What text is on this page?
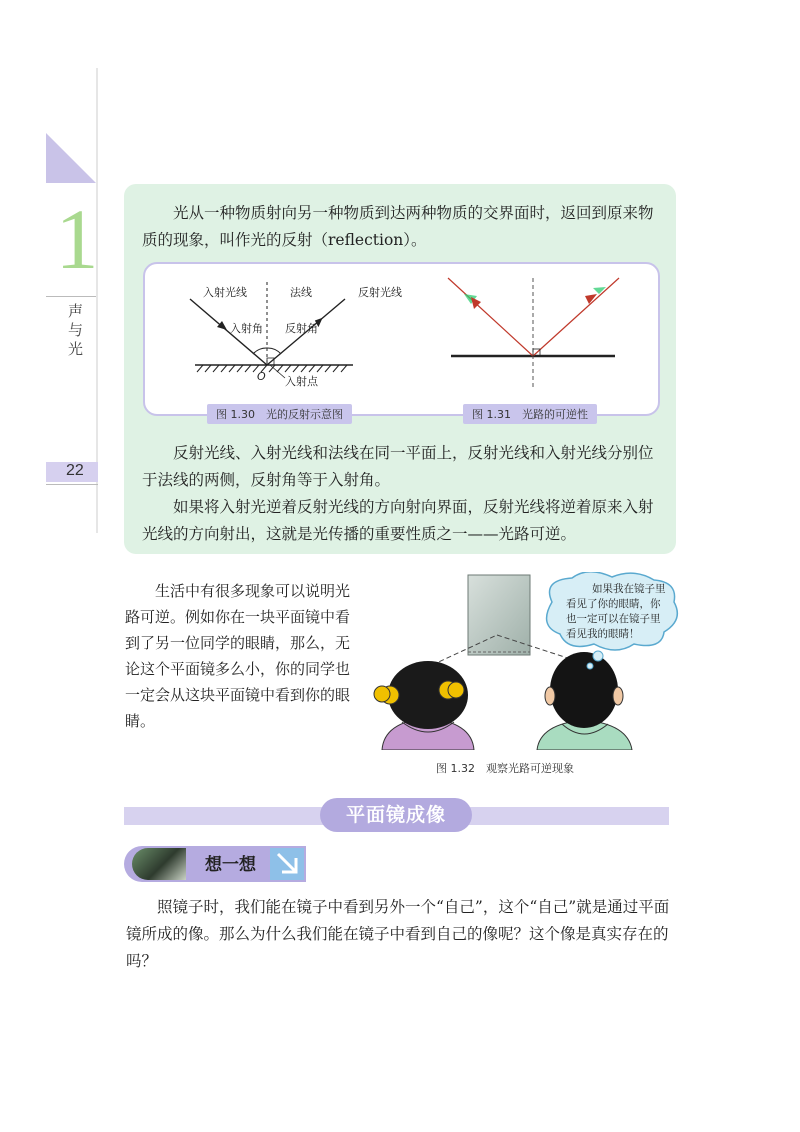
1
声与光
22

光从一种物质射向另一种物质到达两种物质的交界面时，返回到原来物质的现象，叫作光的反射（reflection）。

反射光线、入射光线和法线在同一平面上，反射光线和入射光线分别位于法线的两侧，反射角等于入射角。

如果将入射光逆着反射光线的方向射向界面，反射光线将逆着原来入射光线的方向射出，这就是光传播的重要性质之一——光路可逆。

入射光线	法线	反射光线
入射角 反射角
O 入射点
图 1.30　光的反射示意图	图 1.31　光路的可逆性

生活中有很多现象可以说明光路可逆。例如你在一块平面镜中看到了另一位同学的眼睛，那么，无论这个平面镜多么小，你的同学也一定会从这块平面镜中看到你的眼睛。

如果我在镜子里
看见了你的眼睛，你
也一定可以在镜子里
看见我的眼睛！
图 1.32　观察光路可逆现象
平面镜成像
想一想

照镜子时，我们能在镜子中看到另外一个“自己”，这个“自己”就是通过平面镜所成的像。那么为什么我们能在镜子中看到自己的像呢？这个像是真实存在的吗？
